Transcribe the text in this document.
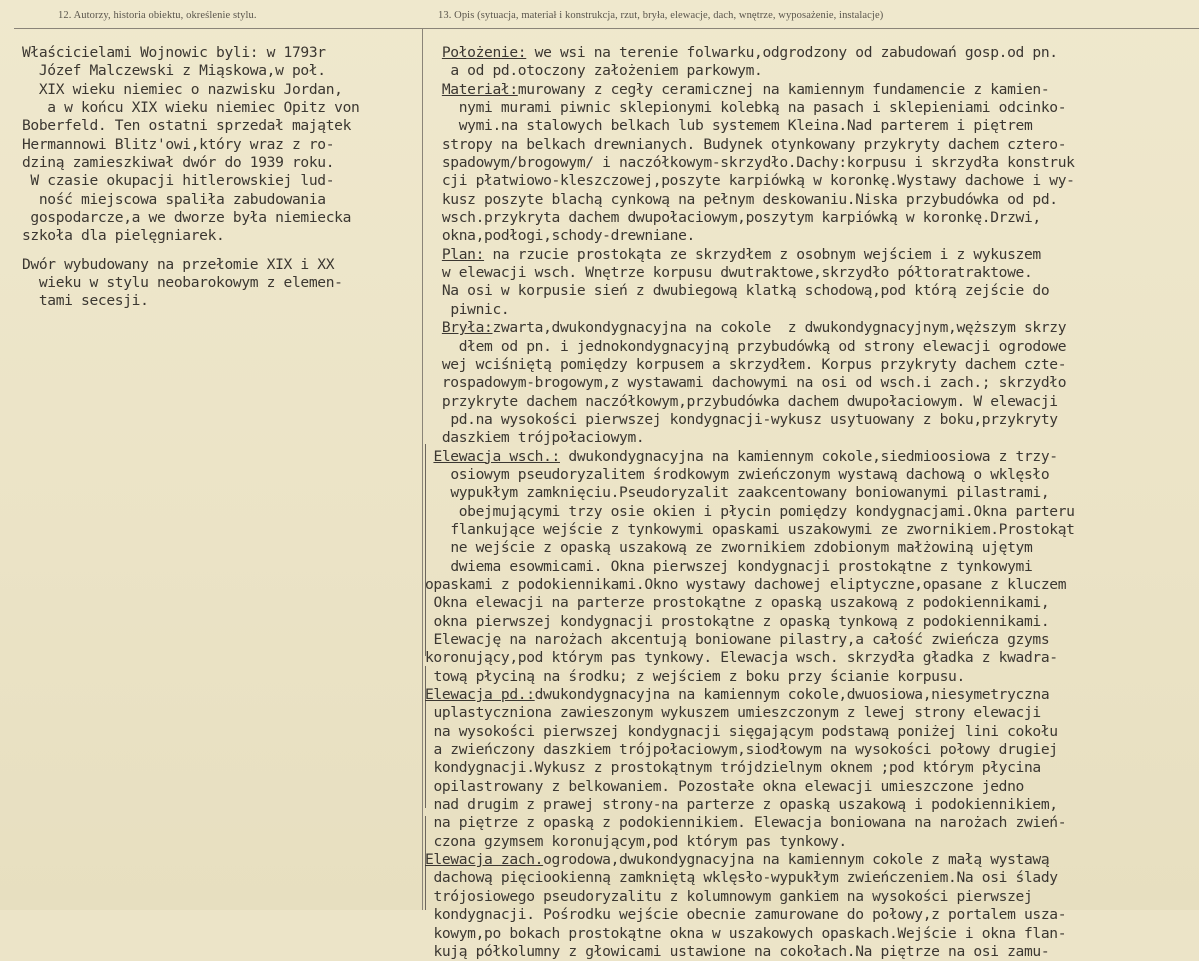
12. Autorzy, historia obiektu, określenie stylu.	13. Opis (sytuacja, materiał i konstrukcja, rzut, bryła, elewacje, dach, wnętrze, wyposażenie, instalacje)
Właścicielami Wojnowic byli: w 1793r
Józef Malczewski z Miąskowa,w poł.
XIX wieku niemiec o nazwisku Jordan,
a w końcu XIX wieku niemiec Opitz von
Boberfeld. Ten ostatni sprzedał majątek
Hermannowi Blitz'owi,który wraz z ro-
dziną zamieszkiwał dwór do 1939 roku.
W czasie okupacji hitlerowskiej lud-
ność miejscowa spaliła zabudowania
gospodarcze,a we dworze była niemiecka
szkoła dla pielęgniarek.
Dwór wybudowany na przełomie XIX i XX
wieku w stylu neobarokowym z elemen-
tami secesji.
Położenie: we wsi na terenie folwarku,odgrodzony od zabudowań gosp.od pn.
a od pd.otoczony założeniem parkowym.
Materiał:murowany z cegły ceramicznej na kamiennym fundamencie z kamien-
nymi murami piwnic sklepionymi kolebką na pasach i sklepieniami odcinko-
wymi.na stalowych belkach lub systemem Kleina.Nad parterem i piętrem
stropy na belkach drewnianych. Budynek otynkowany przykryty dachem cztero-
spadowym/brogowym/ i naczółkowym-skrzydło.Dachy:korpusu i skrzydła konstruk
cji płatwiowo-kleszczowej,poszyte karpiówką w koronkę.Wystawy dachowe i wy-
kusz poszyte blachą cynkową na pełnym deskowaniu.Niska przybudówka od pd.
wsch.przykryta dachem dwupołaciowym,poszytym karpiówką w koronkę.Drzwi,
okna,podłogi,schody-drewniane.
Plan: na rzucie prostokąta ze skrzydłem z osobnym wejściem i z wykuszem
w elewacji wsch. Wnętrze korpusu dwutraktowe,skrzydło półtoratraktowe.
Na osi w korpusie sień z dwubiegową klatką schodową,pod którą zejście do
piwnic.
Bryła:zwarta,dwukondygnacyjna na cokole  z dwukondygnacyjnym,węższym skrzy
dłem od pn. i jednokondygnacyjną przybudówką od strony elewacji ogrodowe
wej wciśniętą pomiędzy korpusem a skrzydłem. Korpus przykryty dachem czte-
rospadowym-brogowym,z wystawami dachowymi na osi od wsch.i zach.; skrzydło
przykryte dachem naczółkowym,przybudówka dachem dwupołaciowym. W elewacji
pd.na wysokości pierwszej kondygnacji-wykusz usytuowany z boku,przykryty
daszkiem trójpołaciowym.
Elewacja wsch.: dwukondygnacyjna na kamiennym cokole,siedmioosiowa z trzy-
osiowym pseudoryzalitem środkowym zwieńczonym wystawą dachową o wklęsło
wypukłym zamknięciu.Pseudoryzalit zaakcentowany boniowanymi pilastrami,
obejmującymi trzy osie okien i płycin pomiędzy kondygnacjami.Okna parteru
flankujące wejście z tynkowymi opaskami uszakowymi ze zwornikiem.Prostokąt
ne wejście z opaską uszakową ze zwornikiem zdobionym małżowiną ujętym
dwiema esowmicami. Okna pierwszej kondygnacji prostokątne z tynkowymi
opaskami z podokiennikami.Okno wystawy dachowej eliptyczne,opasane z kluczem
Okna elewacji na parterze prostokątne z opaską uszakową z podokiennikami,
okna pierwszej kondygnacji prostokątne z opaską tynkową z podokiennikami.
Elewację na narożach akcentują boniowane pilastry,a całość zwieńcza gzyms
koronujący,pod którym pas tynkowy. Elewacja wsch. skrzydła gładka z kwadra-
tową płyciną na środku; z wejściem z boku przy ścianie korpusu.
Elewacja pd.:dwukondygnacyjna na kamiennym cokole,dwuosiowa,niesymetryczna
uplastyczniona zawieszonym wykuszem umieszczonym z lewej strony elewacji
na wysokości pierwszej kondygnacji sięgającym podstawą poniżej lini cokołu
a zwieńczony daszkiem trójpołaciowym,siodłowym na wysokości połowy drugiej
kondygnacji.Wykusz z prostokątnym trójdzielnym oknem ;pod którym płycina
opilastrowany z belkowaniem. Pozostałe okna elewacji umieszczone jedno
nad drugim z prawej strony-na parterze z opaską uszakową i podokiennikiem,
na piętrze z opaską z podokiennikiem. Elewacja boniowana na narożach zwień-
czona gzymsem koronującym,pod którym pas tynkowy.
Elewacja zach.ogrodowa,dwukondygnacyjna na kamiennym cokole z małą wystawą
dachową pięciookienną zamkniętą wklęsło-wypukłym zwieńczeniem.Na osi ślady
trójosiowego pseudoryzalitu z kolumnowym gankiem na wysokości pierwszej
kondygnacji. Pośrodku wejście obecnie zamurowane do połowy,z portalem usza-
kowym,po bokach prostokątne okna w uszakowych opaskach.Wejście i okna flan-
kują półkolumny z głowicami ustawione na cokołach.Na piętrze na osi zamu-
